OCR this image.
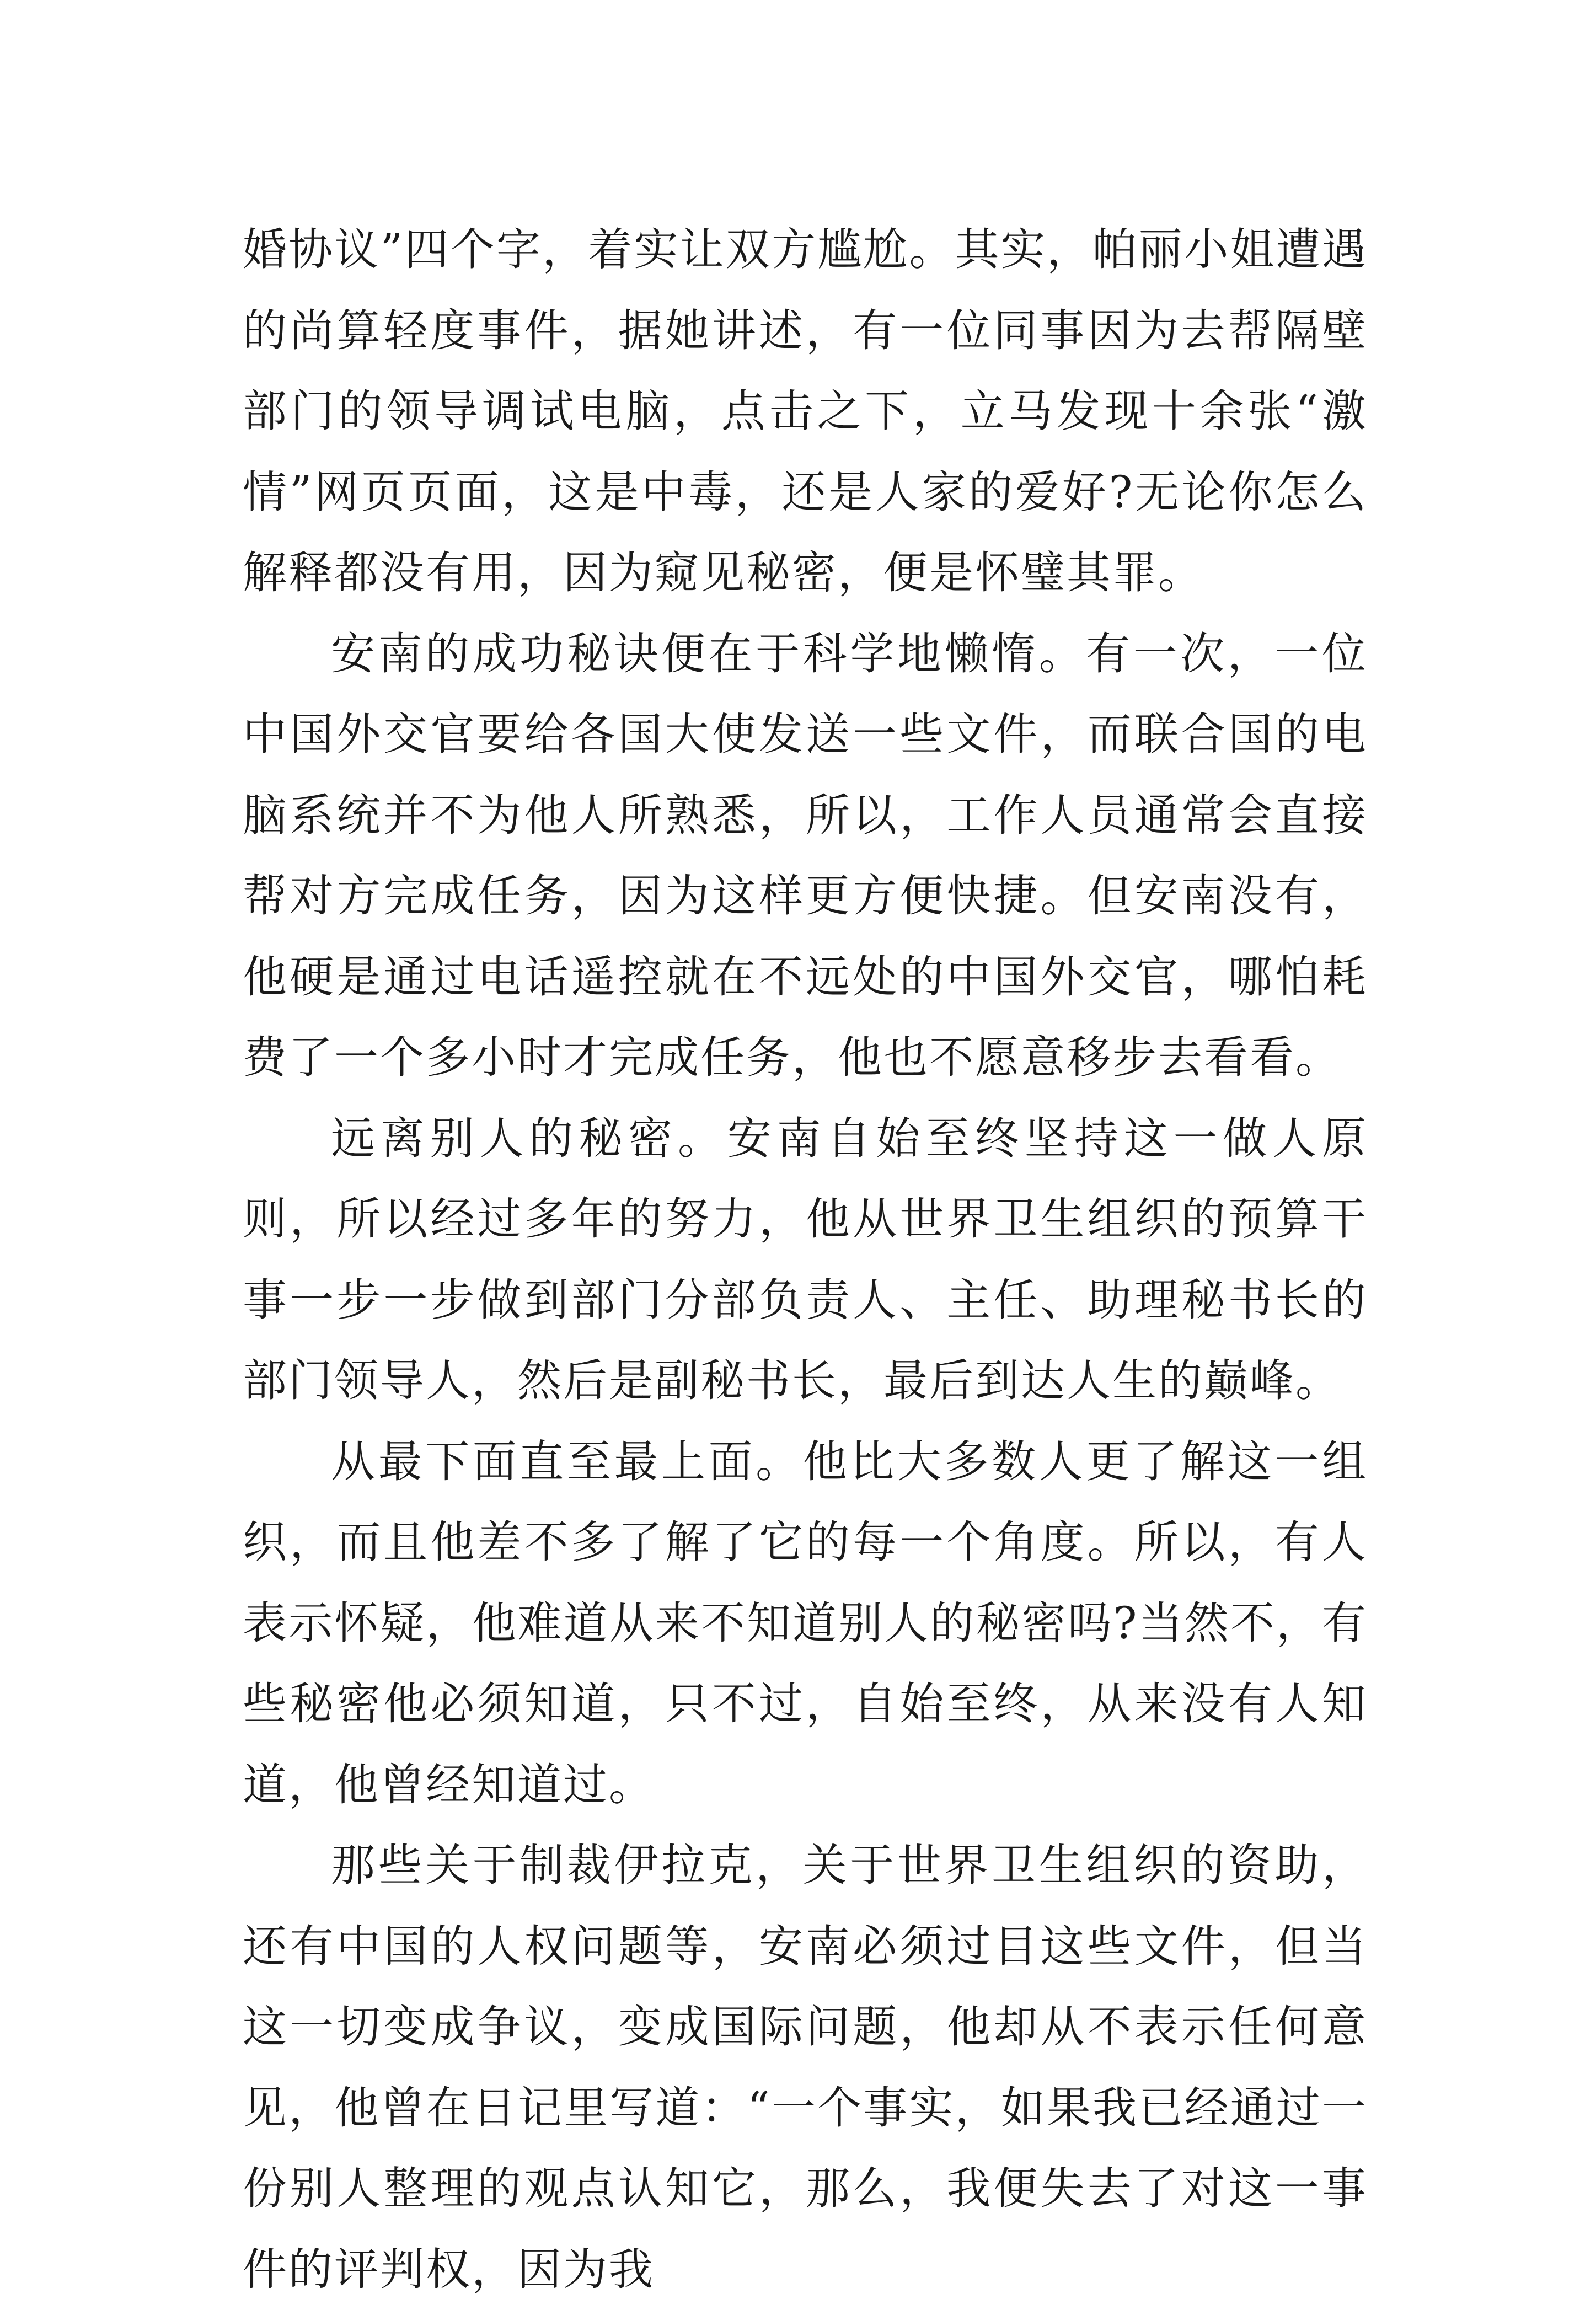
婚协议”四个字，着实让双方尴尬。其实，帕丽小姐遭遇的尚算轻度事件，据她讲述，有一位同事因为去帮隔壁部门的领导调试电脑，点击之下，立马发现十余张“激情”网页页面，这是中毒，还是人家的爱好?无论你怎么解释都没有用，因为窥见秘密，便是怀璧其罪。

安南的成功秘诀便在于科学地懒惰。有一次，一位中国外交官要给各国大使发送一些文件，而联合国的电脑系统并不为他人所熟悉，所以，工作人员通常会直接帮对方完成任务，因为这样更方便快捷。但安南没有，他硬是通过电话遥控就在不远处的中国外交官，哪怕耗费了一个多小时才完成任务，他也不愿意移步去看看。

远离别人的秘密。安南自始至终坚持这一做人原则，所以经过多年的努力，他从世界卫生组织的预算干事一步一步做到部门分部负责人、主任、助理秘书长的部门领导人，然后是副秘书长，最后到达人生的巅峰。

从最下面直至最上面。他比大多数人更了解这一组织，而且他差不多了解了它的每一个角度。所以，有人表示怀疑，他难道从来不知道别人的秘密吗?当然不，有些秘密他必须知道，只不过，自始至终，从来没有人知道，他曾经知道过。

那些关于制裁伊拉克，关于世界卫生组织的资助，还有中国的人权问题等，安南必须过目这些文件，但当这一切变成争议，变成国际问题，他却从不表示任何意见，他曾在日记里写道：“一个事实，如果我已经通过一份别人整理的观点认知它，那么，我便失去了对这一事件的评判权，因为我
